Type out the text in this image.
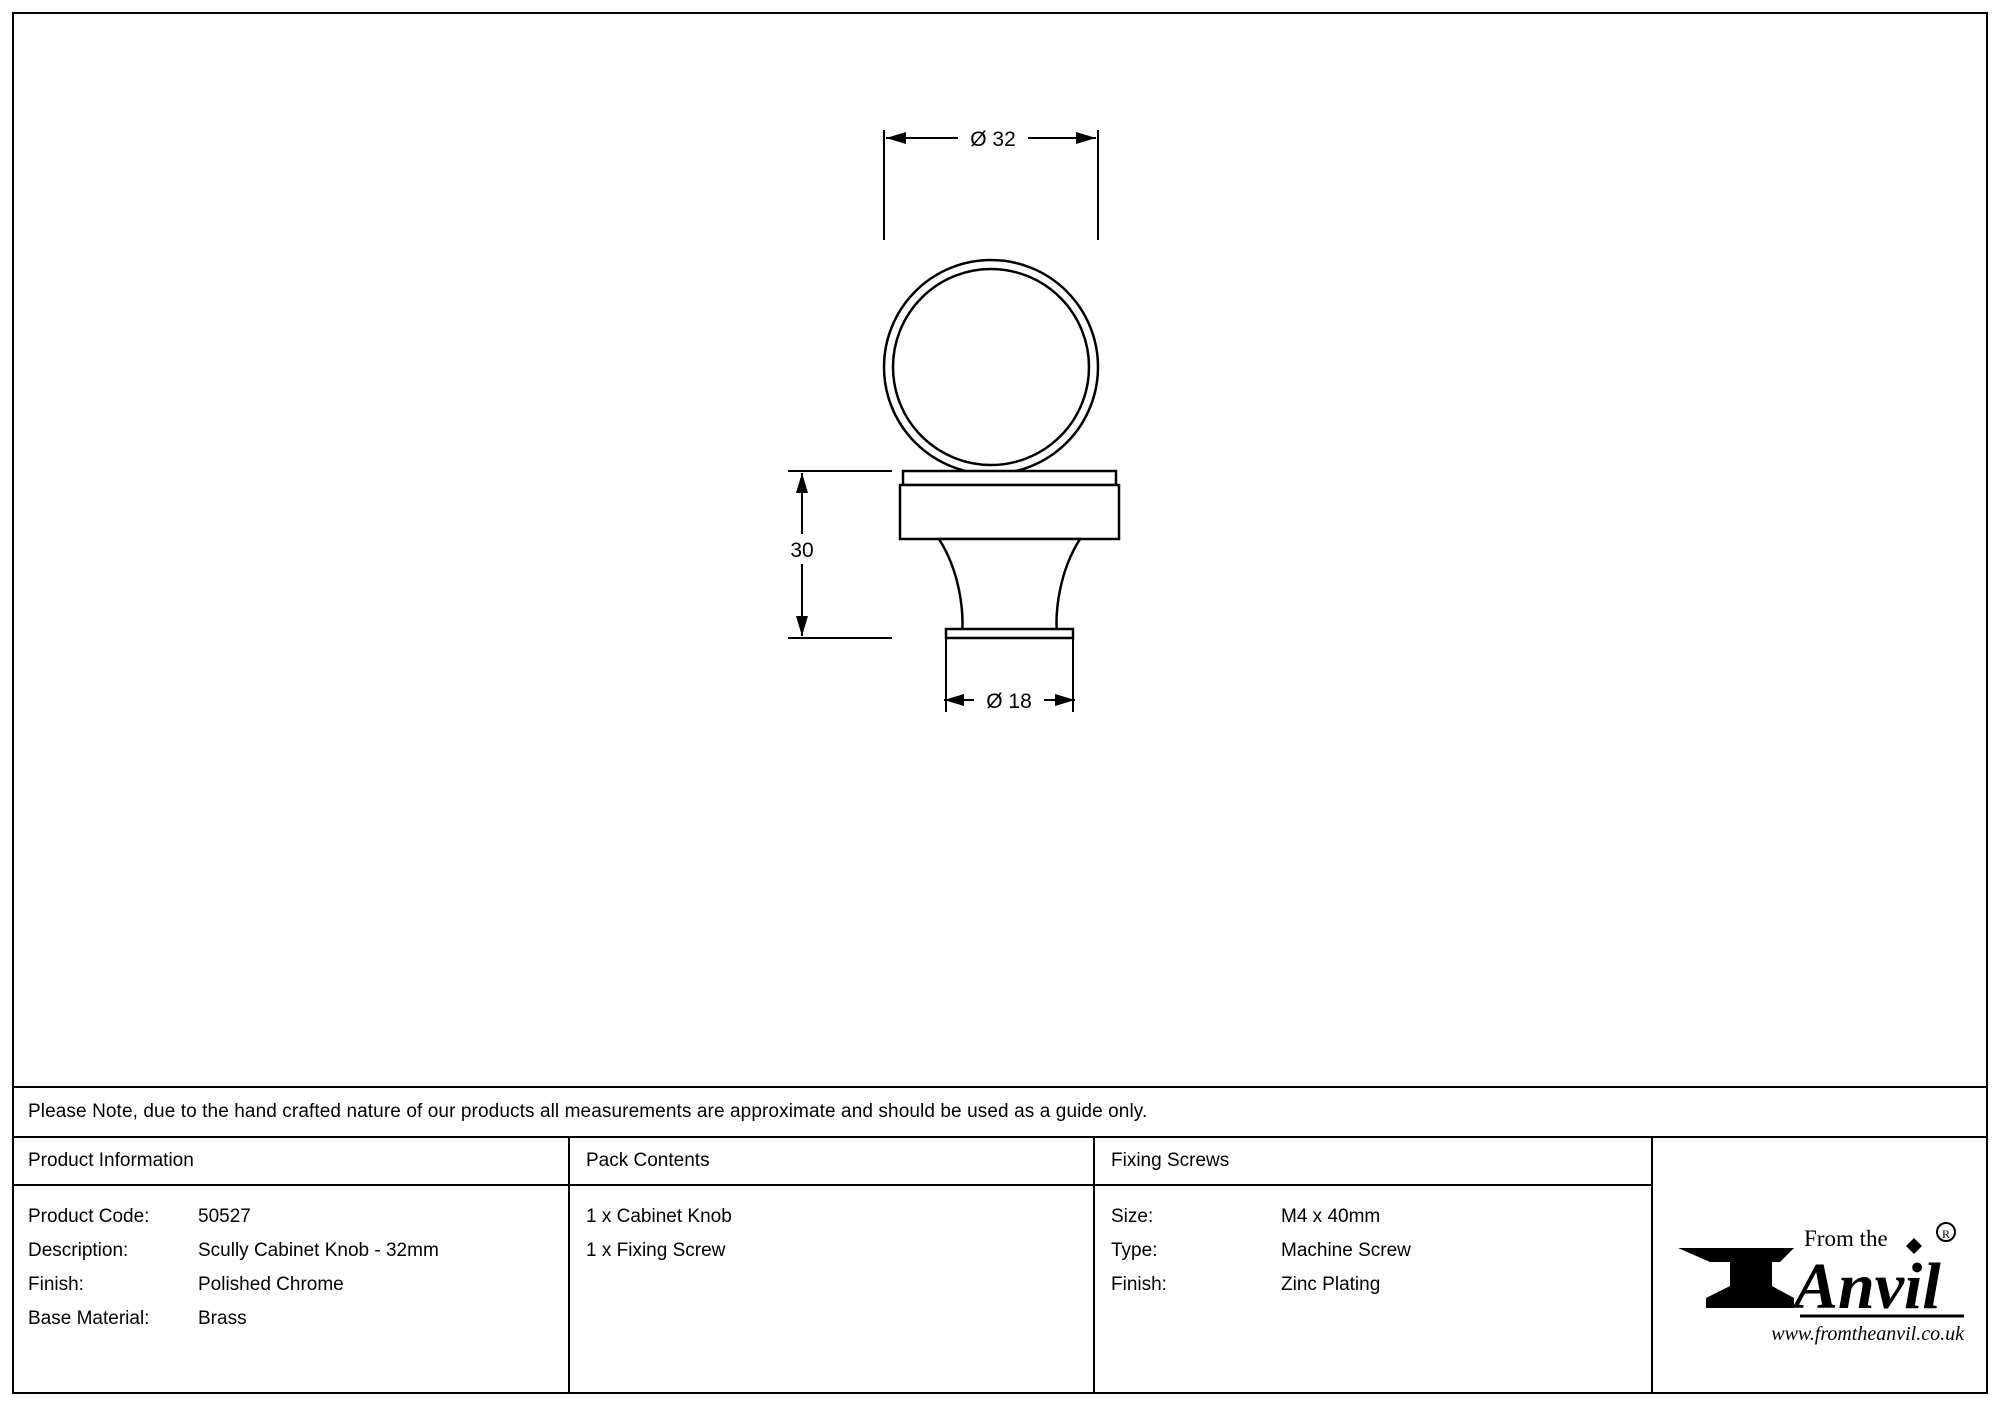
Ø 32
30
Ø 18
Please Note, due to the hand crafted nature of our products all measurements are approximate and should be used as a guide only.
Product Information	Pack Contents	Fixing Screws
Product Code:	50527
Description:	Scully Cabinet Knob - 32mm
Finish:	Polished Chrome
Base Material:	Brass
1 x Cabinet Knob
1 x Fixing Screw
Size:	M4 x 40mm
Type:	Machine Screw
Finish:	Zinc Plating
From the	R
Anvil
www.fromtheanvil.co.uk
